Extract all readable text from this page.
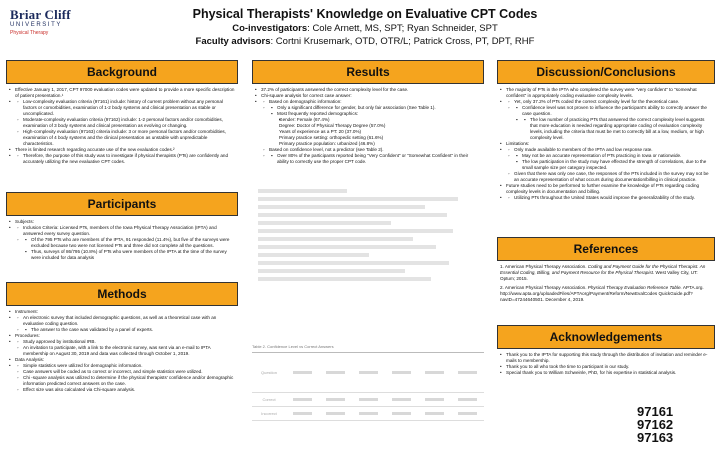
Briar Cliff
UNIVERSITY
Physical Therapy
Physical Therapists' Knowledge on Evaluative CPT Codes
Co-investigators: Cole Arnett, MS, SPT; Ryan Schneider, SPT
Faculty advisors: Cortni Krusemark, OTD, OTR/L; Patrick Cross, PT, DPT, RHF
Background
• Effective January 1, 2017, CPT 97000 evaluation codes were updated to provide a more specific description of patient presentation.¹
◦ • Low-complexity evaluation criteria (97161) include: history of current problem without any personal factors or comorbidities, examination of 1-2 body systems and clinical presentation as stable or uncomplicated.
◦ Moderate-complexity evaluation criteria (97162) include: 1-2 personal factors and/or comorbidities, examination of 3 body systems and clinical presentation as evolving or changing.
◦ High-complexity evaluation (97163) criteria include: 3 or more personal factors and/or comorbidities, examination of 4 body systems and the clinical presentation as unstable with unpredictable characteristics.
• There is limited research regarding accurate use of the new evaluation codes.²
◦ • Therefore, the purpose of this study was to investigate if physical therapists (PTs) are confidently and accurately utilizing the new evaluative CPT codes.
Participants
• Subjects:
◦ • Inclusion Criteria: Licensed PTs, members of the Iowa Physical Therapy Association (IPTA) and answered every survey question.
▪ ◦ Of the 795 PTs who are members of the IPTA, 91 responded (11.4%), but five of the surveys were excluded because two were not licensed PTs and three did not complete all the questions.
▪ Thus, surveys of 86/795 (10.8%) of PTs who were members of the IPTA at the time of the survey were included for data analysis
Methods
• Instrument:
◦ • An electronic survey that included demographic questions, as well as a theoretical case with an evaluative coding question.
▪ ◦ The answer to the case was validated by a panel of experts.
• Procedures:
◦ • Study approved by institutional IRB.
◦ An invitation to participate, with a link to the electronic survey, was sent via an e-mail to IPTA membership on August 30, 2019 and data was collected through October 1, 2019.
• Data Analysis:
◦ • Simple statistics were utilized for demographic information.
◦ Case answers will be coded as to correct or incorrect, and simple statistics were utilized.
◦ Chi -square analysis was utilized to determine if the physical therapists' confidence and/or demographic information predicted correct answers on the case.
◦ Effect size was also calculated via Chi-square analysis.
Results
• 37.2% of participants answered the correct complexity level for the case.
• Chi-square analysis for correct case answer:
◦ • Based on demographic information:
▪ ◦ Only a significant difference for gender, but only fair association (See Table 1).
▪ Most frequently reported demographics:
▪ Gender: Female (67.4%)
Degree: Doctor of Physical Therapy Degree (57.0%)
Years of experience as a PT: 20 (37.0%)
Primary practice setting: orthopedic setting (61.6%)
Primary practice population: urbanized (46.8%)
◦ Based on confidence level, not a predictor (see Table 2).
▪ ◦ Over 80% of the participants reported being "Very Confident" or "Somewhat Confident" in their ability to correctly use the proper CPT code.
Table 2. Confidence Level vs Correct Answers
Question
Correct
Incorrect
Discussion/Conclusions
• The majority of PTs in the IPTA who completed the survey were "very confident" to "somewhat confident" in appropriately coding evaluative complexity levels.
◦ • Yet, only 37.2% of PTs coded the correct complexity level for the theoretical case.
▪ ◦ Confidence level was not proven to influence the participant's ability to correctly answer the case question.
▪ ▪ The low number of practicing PTs that answered the correct complexity level suggests that more education is needed regarding appropriate coding of evaluation complexity levels, including the criteria that must be met to correctly bill at a low, medium, or high complexity level.
• Limitations:
◦ • Only made available to members of the IPTA and low response rate.
▪ ◦ May not be an accurate representation of PTs practicing in Iowa or nationwide.
▪ The low participation in the study may have effected the strength of correlations, due to the small sample size per category inspected.
◦ Given that there was only one case, the responses of the PTs included in the survey may not be an accurate representation of what occurs during documentation/billing in clinical practice.
• Future studies need to be performed to further examine the knowledge of PTs regarding coding complexity levels in documentation and billing.
◦ • Utilizing PTs throughout the United States would improve the generalizability of the study.
References

1. American Physical Therapy Association. Coding and Payment Guide for the Physical Therapist. An Essential Coding, Billing, and Payment Resource for the Physical Therapist. West Valley City, UT: Optum; 2015.

2. American Physical Therapy Association. Physical Therapy Evaluation Reference Table. APTA.org. http://www.apta.org/uploadedFiles/APTAorg/Payment/Reform/NewEvalCodes QuickGuide.pdf?navID=47244640501. December 4, 2019.

Acknowledgements
• Thank you to the IPTA for supporting this study through the distribution of invitation and reminder e-mails to membership.
• Thank you to all who took the time to participant in our study.
• Special thank you to William Schweinle, PhD, for his expertise in statistical analysis.
97161
97162
97163
